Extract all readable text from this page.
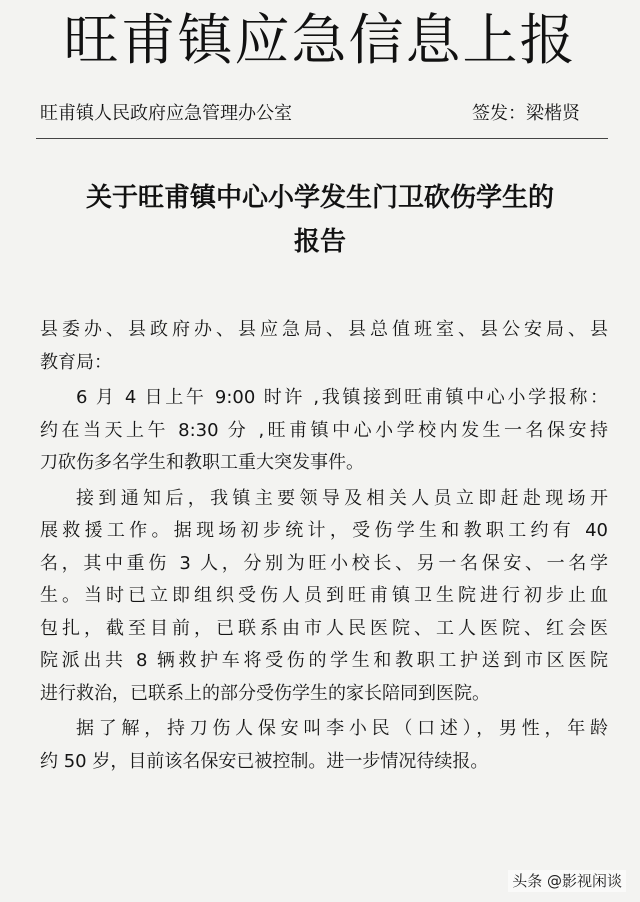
旺甫镇应急信息上报
旺甫镇人民政府应急管理办公室	签发：梁楷贤
关于旺甫镇中心小学发生门卫砍伤学生的
报告
县委办、县政府办、县应急局、县总值班室、县公安局、县
教育局：
6 月 4 日上午 9:00 时许 ,我镇接到旺甫镇中心小学报称：
约在当天上午 8:30 分 ,旺甫镇中心小学校内发生一名保安持
刀砍伤多名学生和教职工重大突发事件。
接到通知后，我镇主要领导及相关人员立即赶赴现场开
展救援工作。据现场初步统计，受伤学生和教职工约有 40
名，其中重伤 3 人，分别为旺小校长、另一名保安、一名学
生。当时已立即组织受伤人员到旺甫镇卫生院进行初步止血
包扎，截至目前，已联系由市人民医院、工人医院、红会医
院派出共 8 辆救护车将受伤的学生和教职工护送到市区医院
进行救治，已联系上的部分受伤学生的家长陪同到医院。
据了解，持刀伤人保安叫李小民（口述），男性，年龄
约 50 岁，目前该名保安已被控制。进一步情况待续报。
头条 @影视闲谈
